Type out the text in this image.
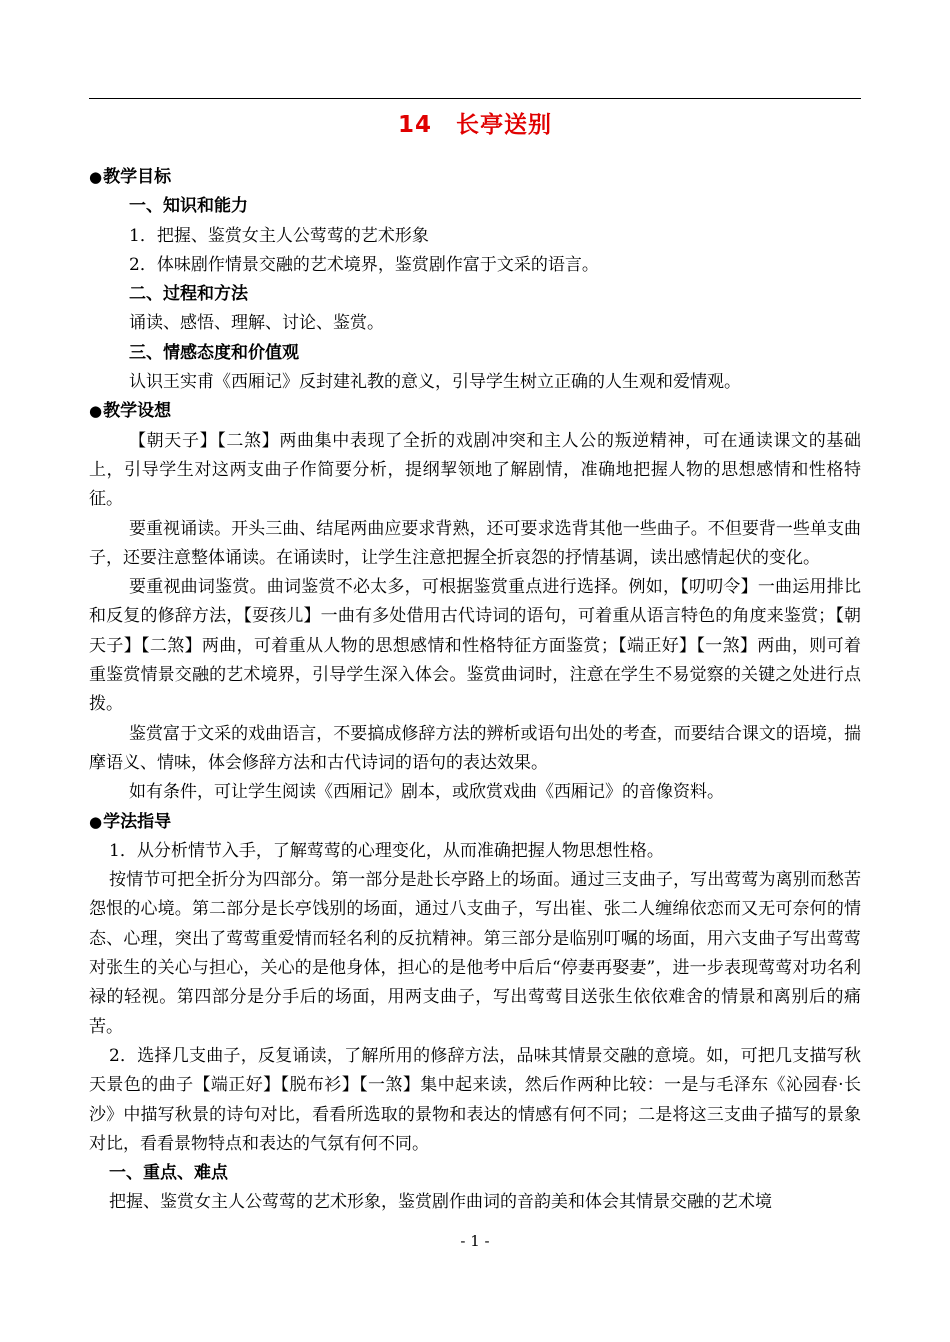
14　长亭送别

●教学目标

一、知识和能力

1．把握、鉴赏女主人公莺莺的艺术形象

2．体味剧作情景交融的艺术境界，鉴赏剧作富于文采的语言。

二、过程和方法

诵读、感悟、理解、讨论、鉴赏。

三、情感态度和价值观

认识王实甫《西厢记》反封建礼教的意义，引导学生树立正确的人生观和爱情观。

●教学设想

【朝天子】【二煞】两曲集中表现了全折的戏剧冲突和主人公的叛逆精神，可在通读课文的基础上，引导学生对这两支曲子作简要分析，提纲挈领地了解剧情，准确地把握人物的思想感情和性格特征。

要重视诵读。开头三曲、结尾两曲应要求背熟，还可要求选背其他一些曲子。不但要背一些单支曲子，还要注意整体诵读。在诵读时，让学生注意把握全折哀怨的抒情基调，读出感情起伏的变化。

要重视曲词鉴赏。曲词鉴赏不必太多，可根据鉴赏重点进行选择。例如，【叨叨令】一曲运用排比和反复的修辞方法，【耍孩儿】一曲有多处借用古代诗词的语句，可着重从语言特色的角度来鉴赏；【朝天子】【二煞】两曲，可着重从人物的思想感情和性格特征方面鉴赏；【端正好】【一煞】两曲，则可着重鉴赏情景交融的艺术境界，引导学生深入体会。鉴赏曲词时，注意在学生不易觉察的关键之处进行点拨。

鉴赏富于文采的戏曲语言，不要搞成修辞方法的辨析或语句出处的考查，而要结合课文的语境，揣摩语义、情味，体会修辞方法和古代诗词的语句的表达效果。

如有条件，可让学生阅读《西厢记》剧本，或欣赏戏曲《西厢记》的音像资料。

●学法指导

1．从分析情节入手，了解莺莺的心理变化，从而准确把握人物思想性格。

按情节可把全折分为四部分。第一部分是赴长亭路上的场面。通过三支曲子，写出莺莺为离别而愁苦怨恨的心境。第二部分是长亭饯别的场面，通过八支曲子，写出崔、张二人缠绵依恋而又无可奈何的情态、心理，突出了莺莺重爱情而轻名利的反抗精神。第三部分是临别叮嘱的场面，用六支曲子写出莺莺对张生的关心与担心，关心的是他身体，担心的是他考中后后“停妻再娶妻”，进一步表现莺莺对功名利禄的轻视。第四部分是分手后的场面，用两支曲子，写出莺莺目送张生依依难舍的情景和离别后的痛苦。

2．选择几支曲子，反复诵读，了解所用的修辞方法，品味其情景交融的意境。如，可把几支描写秋天景色的曲子【端正好】【脱布衫】【一煞】集中起来读，然后作两种比较：一是与毛泽东《沁园春·长沙》中描写秋景的诗句对比，看看所选取的景物和表达的情感有何不同；二是将这三支曲子描写的景象对比，看看景物特点和表达的气氛有何不同。

一、重点、难点

把握、鉴赏女主人公莺莺的艺术形象，鉴赏剧作曲词的音韵美和体会其情景交融的艺术境

- 1 -
